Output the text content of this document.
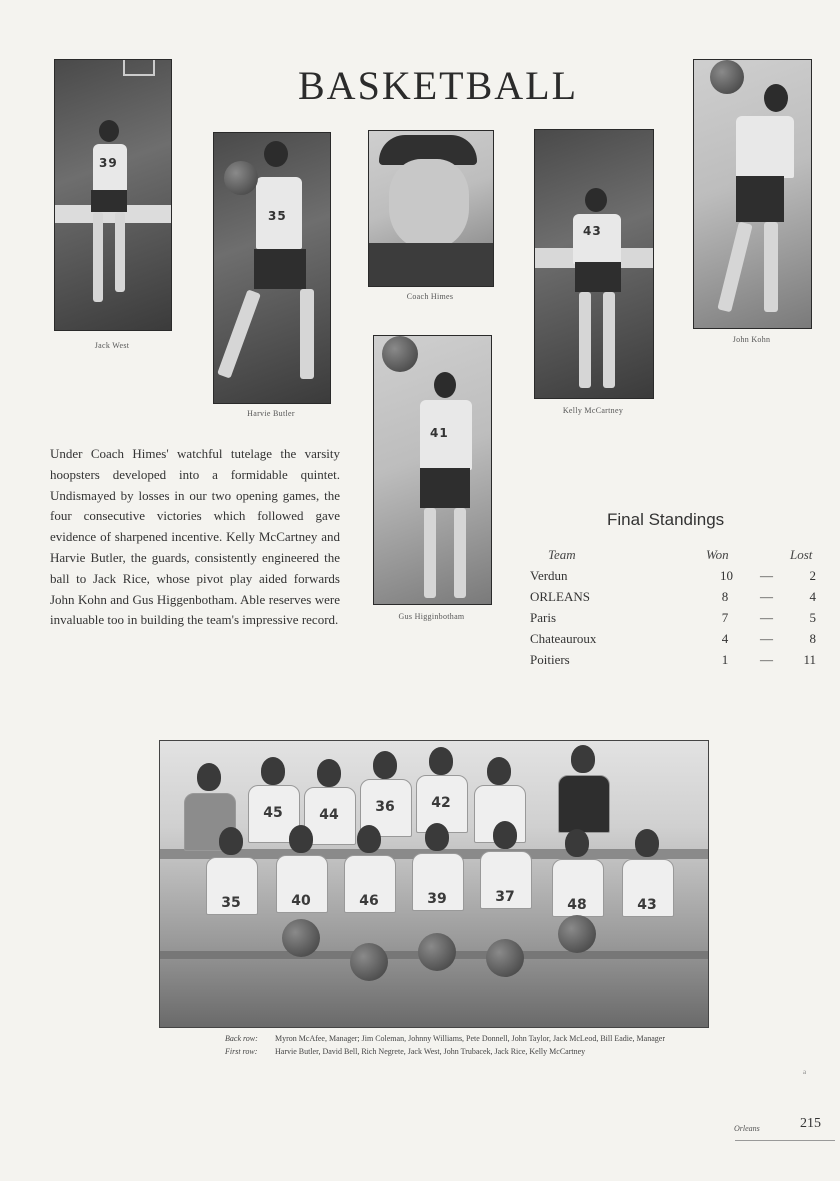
BASKETBALL
39
Jack West
35
Harvie Butler
Coach Himes
41
Gus Higginbotham
43
Kelly McCartney
John Kohn
Under Coach Himes' watchful tutelage the varsity hoopsters developed into a formidable quintet. Undismayed by losses in our two opening games, the four consecutive victories which followed gave evidence of sharpened incentive. Kelly McCartney and Harvie Butler, the guards, consistently engineered the ball to Jack Rice, whose pivot play aided forwards John Kohn and Gus Higgenbotham. Able reserves were invaluable too in building the team's impressive record.
Final Standings
Team	Won	Lost
Verdun	10 —	2
ORLEANS	8 —	4
Paris	7 —	5
Chateauroux	4 —	8
Poitiers	1 — 11
45	44	36	42
35	40	46	39	37	48	43
Back row:	Myron McAfee, Manager; Jim Coleman, Johnny Williams, Pete Donnell, John Taylor, Jack McLeod, Bill Eadie, Manager
First row:	Harvie Butler, David Bell, Rich Negrete, Jack West, John Trubacek, Jack Rice, Kelly McCartney
a
Orleans	215
